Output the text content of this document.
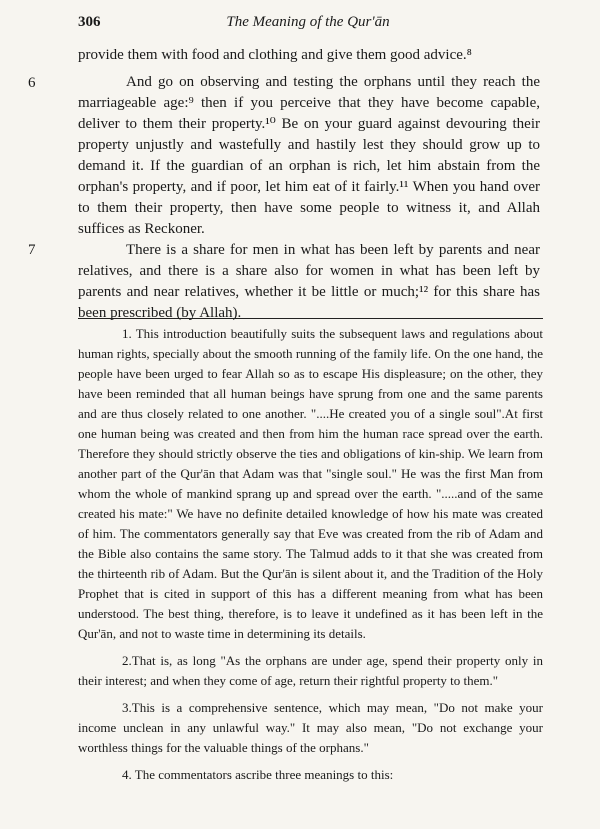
306	The Meaning of the Qur'ān

provide them with food and clothing and give them good advice.⁸

6	And go on observing and testing the orphans until they reach the marriageable age:⁹ then if you perceive that they have become capable, deliver to them their property.¹⁰ Be on your guard against devouring their property unjustly and wastefully and hastily lest they should grow up to demand it. If the guardian of an orphan is rich, let him abstain from the orphan's property, and if poor, let him eat of it fairly.¹¹ When you hand over to them their property, then have some people to witness it, and Allah suffices as Reckoner.

7	There is a share for men in what has been left by parents and near relatives, and there is a share also for women in what has been left by parents and near relatives, whether it be little or much;¹² for this share has been prescribed (by Allah).

1. This introduction beautifully suits the subsequent laws and regulations about human rights, specially about the smooth running of the family life. On the one hand, the people have been urged to fear Allah so as to escape His displeasure; on the other, they have been reminded that all human beings have sprung from one and the same parents and are thus closely related to one another. "....He created you of a single soul".At first one human being was created and then from him the human race spread over the earth. Therefore they should strictly observe the ties and obligations of kin-ship. We learn from another part of the Qur'ān that Adam was that "single soul." He was the first Man from whom the whole of mankind sprang up and spread over the earth. ".....and of the same created his mate:" We have no definite detailed knowledge of how his mate was created of him. The commentators generally say that Eve was created from the rib of Adam and the Bible also contains the same story. The Talmud adds to it that she was created from the thirteenth rib of Adam. But the Qur'ān is silent about it, and the Tradition of the Holy Prophet that is cited in support of this has a different meaning from what has been understood. The best thing, therefore, is to leave it undefined as it has been left in the Qur'ān, and not to waste time in determining its details.

2.That is, as long "As the orphans are under age, spend their property only in their interest; and when they come of age, return their rightful property to them."

3.This is a comprehensive sentence, which may mean, "Do not make your income unclean in any unlawful way." It may also mean, "Do not exchange your worthless things for the valuable things of the orphans."

4. The commentators ascribe three meanings to this:
